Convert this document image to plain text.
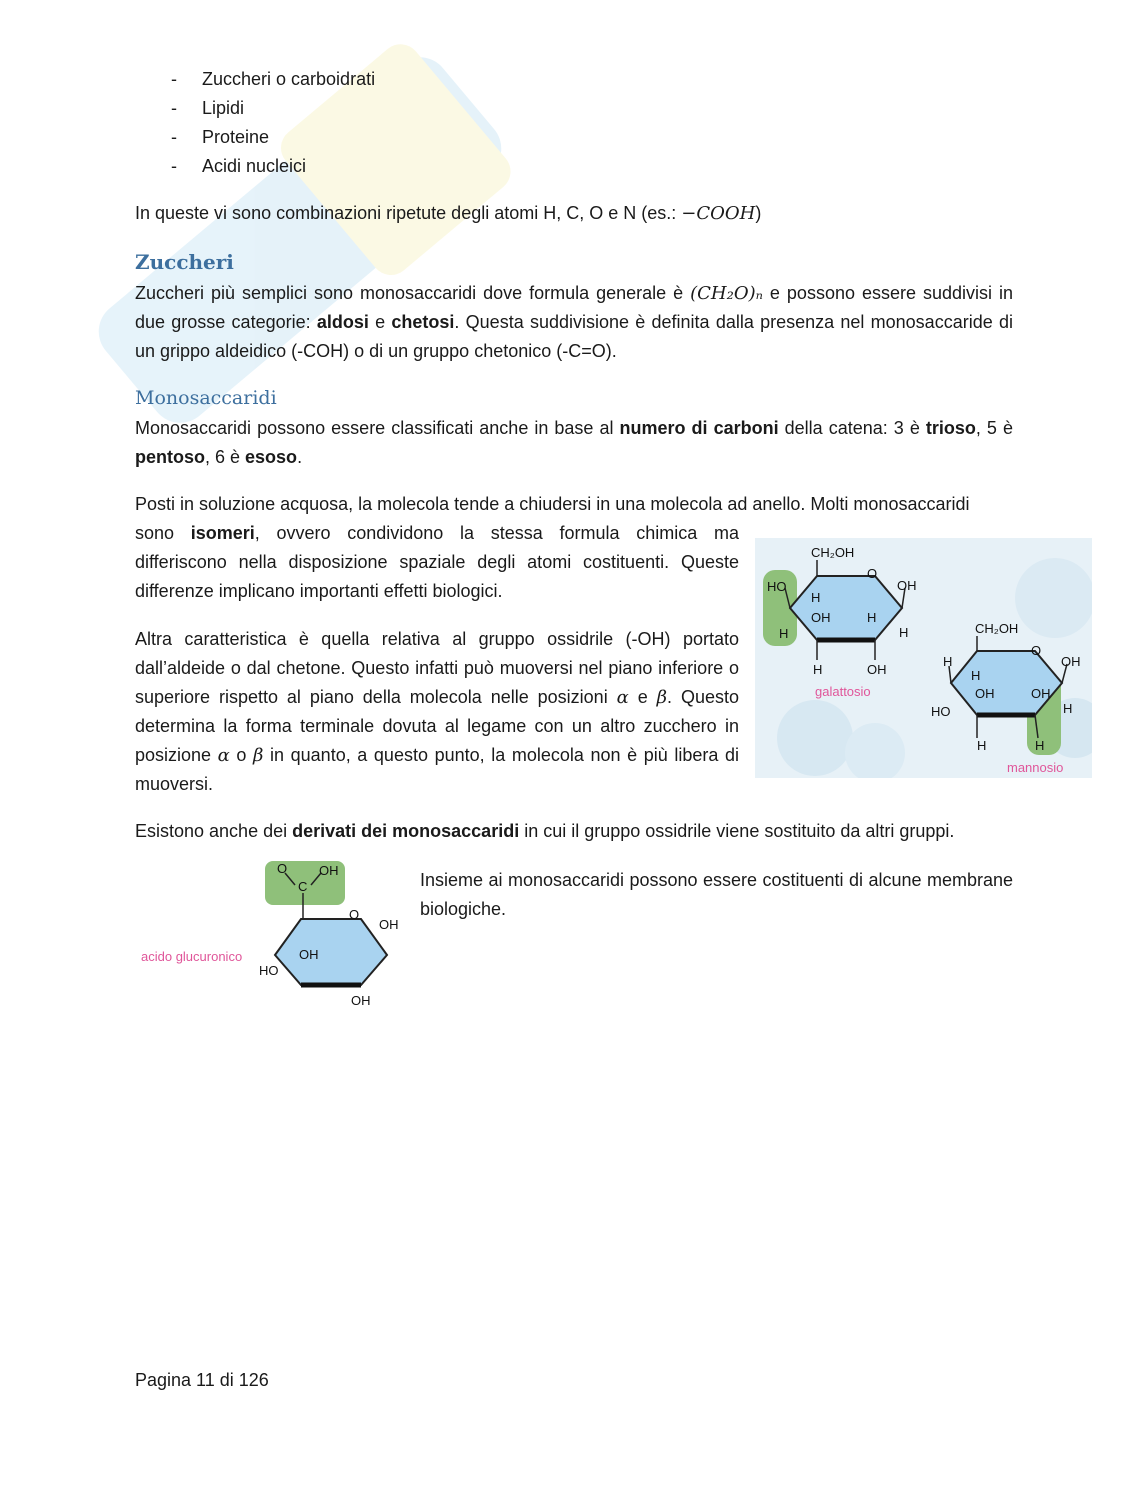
- Zuccheri o carboidrati
- Lipidi
- Proteine
- Acidi nucleici

In queste vi sono combinazioni ripetute degli atomi H, C, O e N (es.: −COOH)

Zuccheri

Zuccheri più semplici sono monosaccaridi dove formula generale è (CH₂O)ₙ e possono essere suddivisi in due grosse categorie: aldosi e chetosi. Questa suddivisione è definita dalla presenza nel monosaccaride di un grippo aldeidico (-COH) o di un gruppo chetonico (-C=O).

Monosaccaridi

Monosaccaridi possono essere classificati anche in base al numero di carboni della catena: 3 è trioso, 5 è pentoso, 6 è esoso.

Posti in soluzione acquosa, la molecola tende a chiudersi in una molecola ad anello. Molti monosaccaridi

sono isomeri, ovvero condividono la stessa formula chimica ma differiscono nella disposizione spaziale degli atomi costituenti. Queste differenze implicano importanti effetti biologici.

Altra caratteristica è quella relativa al gruppo ossidrile (-OH) portato dall’aldeide o dal chetone. Questo infatti può muoversi nel piano inferiore o superiore rispetto al piano della molecola nelle posizioni α e β. Questo determina la forma terminale dovuta al legame con un altro zucchero in posizione α o β in quanto, a questo punto, la molecola non è più libera di muoversi.

Esistono anche dei derivati dei monosaccaridi in cui il gruppo ossidrile viene sostituito da altri gruppi.

Insieme ai monosaccaridi possono essere costituenti di alcune membrane biologiche.

CH₂OH
O
HO	OH
H
OH	H
H	H
H	OH
galattosio
CH₂OH
O
H	OH
H
OH	OH
HO	H
H	H
mannosio
O OH
C
O
OH
OH
HO
OH
acido glucuronico
Pagina 11 di 126
